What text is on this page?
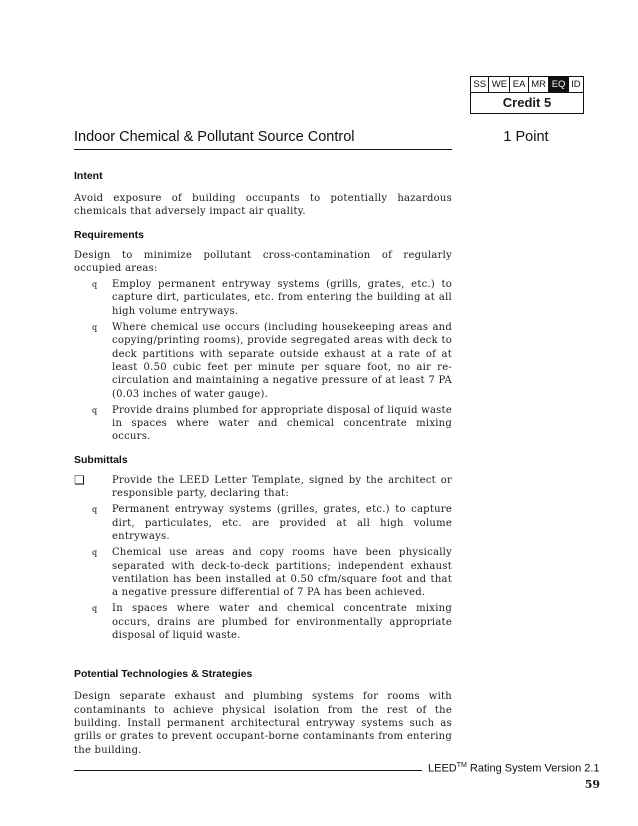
SS WE EA MR EQ ID
Credit 5
Indoor Chemical & Pollutant Source Control	1 Point
Intent

Avoid exposure of building occupants to potentially hazardous chemicals that adversely impact air quality.

Requirements

Design to minimize pollutant cross-contamination of regularly occupied areas:

q	Employ permanent entryway systems (grills, grates, etc.) to capture dirt, particulates, etc. from entering the building at all high volume entryways.

q	Where chemical use occurs (including housekeeping areas and copying/printing rooms), provide segregated areas with deck to deck partitions with separate outside exhaust at a rate of at least 0.50 cubic feet per minute per square foot, no air re-circulation and maintaining a negative pressure of at least 7 PA (0.03 inches of water gauge).

q	Provide drains plumbed for appropriate disposal of liquid waste in spaces where water and chemical concentrate mixing occurs.

Submittals
❑	Provide the LEED Letter Template, signed by the architect or responsible party, declaring that:

q	Permanent entryway systems (grilles, grates, etc.) to capture dirt, particulates, etc. are provided at all high volume entryways.

q	Chemical use areas and copy rooms have been physically separated with deck-to-deck partitions; independent exhaust ventilation has been installed at 0.50 cfm/square foot and that a negative pressure differential of 7 PA has been achieved.

q	In spaces where water and chemical concentrate mixing occurs, drains are plumbed for environmentally appropriate disposal of liquid waste.

Potential Technologies & Strategies

Design separate exhaust and plumbing systems for rooms with contaminants to achieve physical isolation from the rest of the building. Install permanent architectural entryway systems such as grills or grates to prevent occupant-borne contaminants from entering the building.

LEED™ Rating System Version 2.1
59
